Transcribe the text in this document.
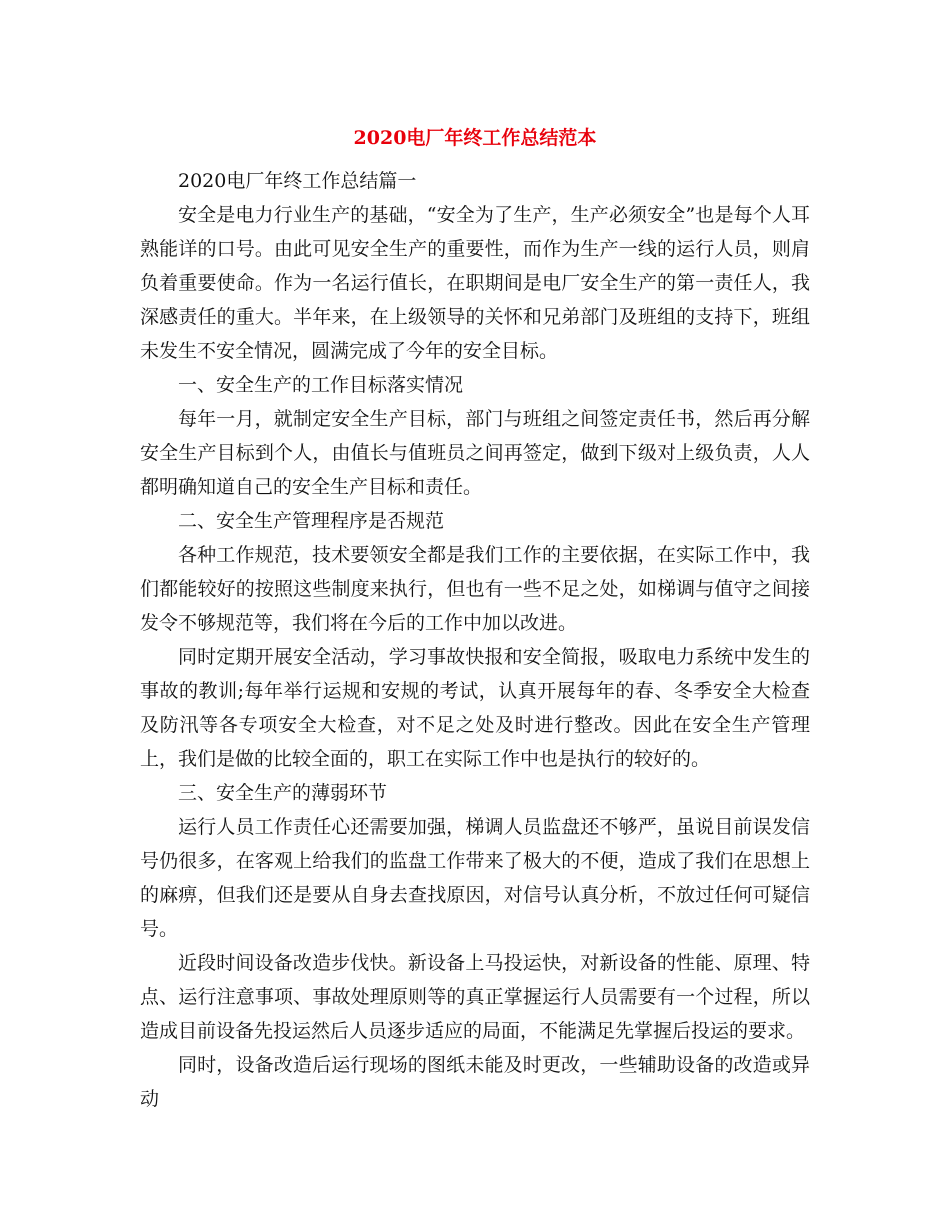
2020电厂年终工作总结范本

2020电厂年终工作总结篇一

安全是电力行业生产的基础，“安全为了生产，生产必须安全”也是每个人耳熟能详的口号。由此可见安全生产的重要性，而作为生产一线的运行人员，则肩负着重要使命。作为一名运行值长，在职期间是电厂安全生产的第一责任人，我深感责任的重大。半年来，在上级领导的关怀和兄弟部门及班组的支持下，班组未发生不安全情况，圆满完成了今年的安全目标。

一、安全生产的工作目标落实情况

每年一月，就制定安全生产目标，部门与班组之间签定责任书，然后再分解安全生产目标到个人，由值长与值班员之间再签定，做到下级对上级负责，人人都明确知道自己的安全生产目标和责任。

二、安全生产管理程序是否规范

各种工作规范，技术要领安全都是我们工作的主要依据，在实际工作中，我们都能较好的按照这些制度来执行，但也有一些不足之处，如梯调与值守之间接发令不够规范等，我们将在今后的工作中加以改进。

同时定期开展安全活动，学习事故快报和安全简报，吸取电力系统中发生的事故的教训;每年举行运规和安规的考试，认真开展每年的春、冬季安全大检查及防汛等各专项安全大检查，对不足之处及时进行整改。因此在安全生产管理上，我们是做的比较全面的，职工在实际工作中也是执行的较好的。

三、安全生产的薄弱环节

运行人员工作责任心还需要加强，梯调人员监盘还不够严，虽说目前误发信号仍很多，在客观上给我们的监盘工作带来了极大的不便，造成了我们在思想上的麻痹，但我们还是要从自身去查找原因，对信号认真分析，不放过任何可疑信号。

近段时间设备改造步伐快。新设备上马投运快，对新设备的性能、原理、特点、运行注意事项、事故处理原则等的真正掌握运行人员需要有一个过程，所以造成目前设备先投运然后人员逐步适应的局面，不能满足先掌握后投运的要求。

同时，设备改造后运行现场的图纸未能及时更改，一些辅助设备的改造或异动
